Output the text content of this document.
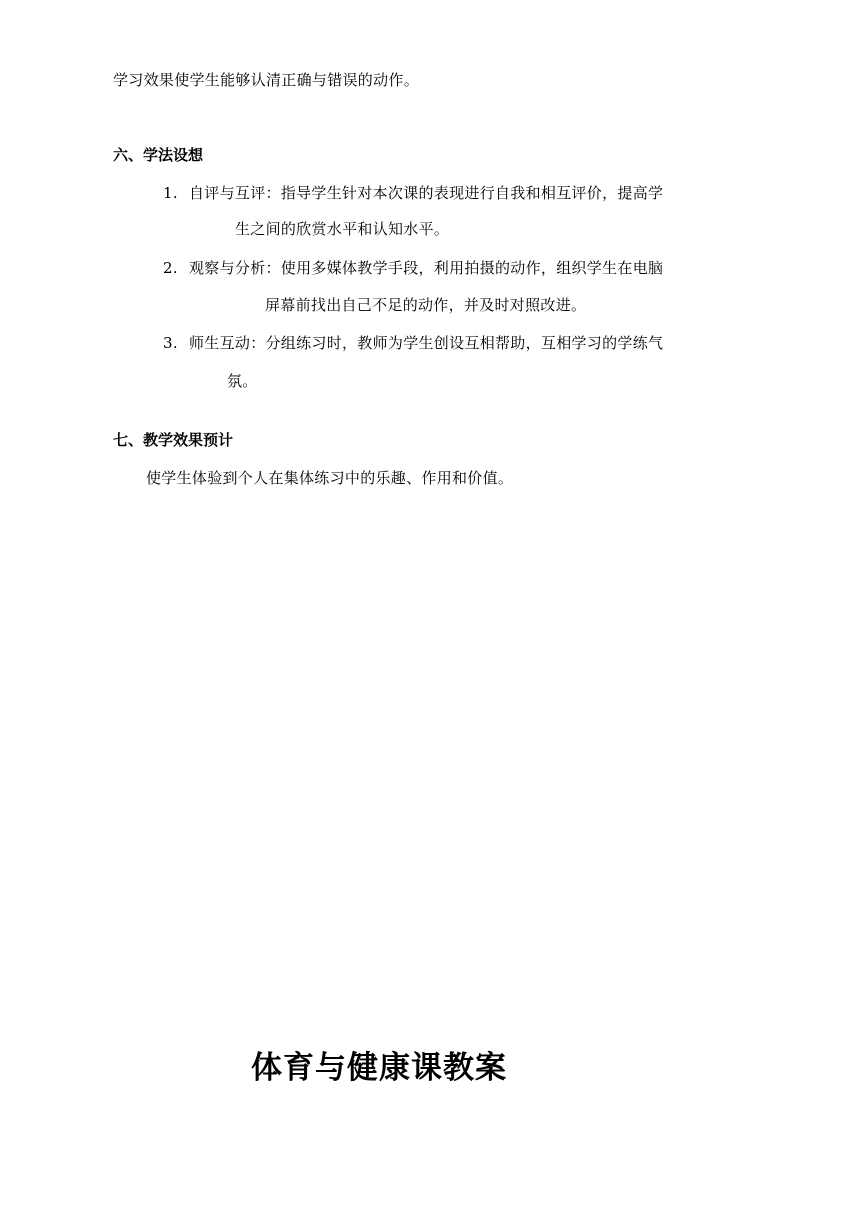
学习效果使学生能够认清正确与错误的动作。
六、学法设想
1. 自评与互评：指导学生针对本次课的表现进行自我和相互评价，提高学
生之间的欣赏水平和认知水平。
2. 观察与分析：使用多媒体教学手段，利用拍摄的动作，组织学生在电脑
屏幕前找出自己不足的动作，并及时对照改进。
3. 师生互动：分组练习时，教师为学生创设互相帮助，互相学习的学练气
氛。
七、教学效果预计
使学生体验到个人在集体练习中的乐趣、作用和价值。
体育与健康课教案
